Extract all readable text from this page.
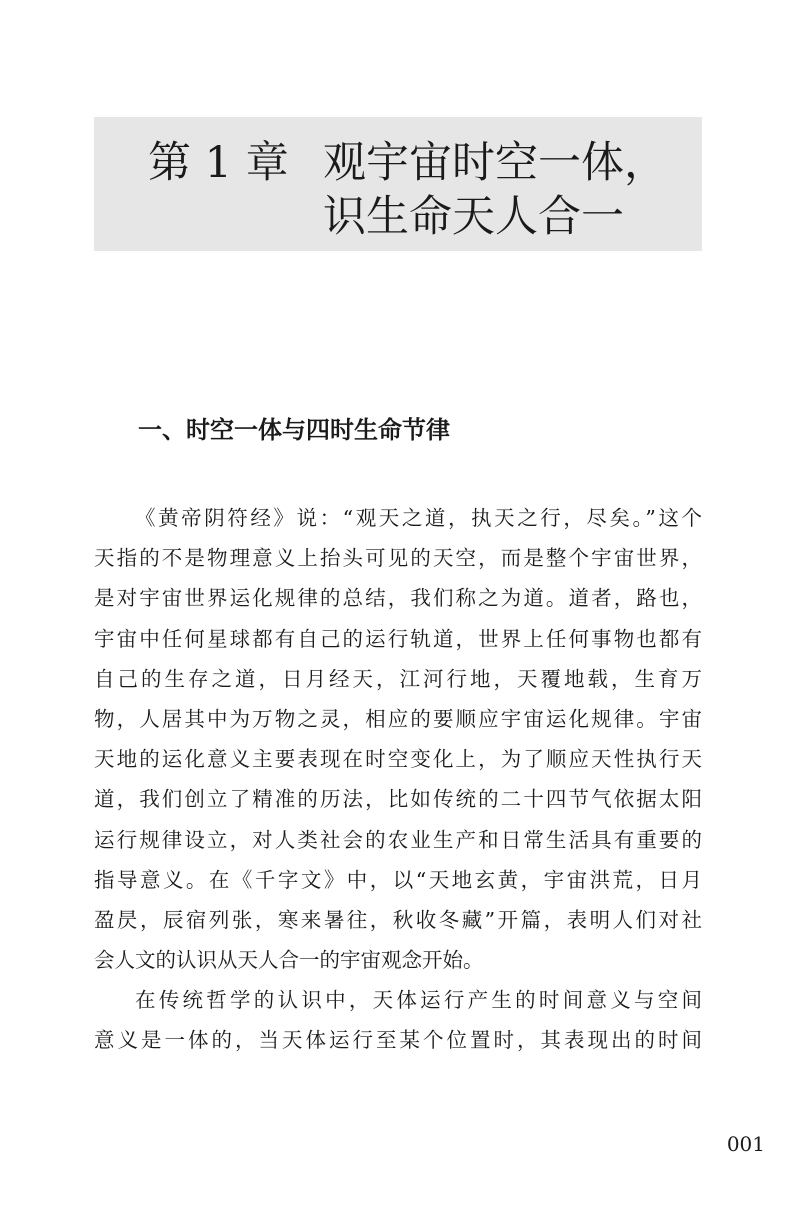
第 1 章 观宇宙时空一体，
识生命天人合一
一、时空一体与四时生命节律
《黄帝阴符经》说：“观天之道，执天之行，尽矣。”这个
天指的不是物理意义上抬头可见的天空，而是整个宇宙世界，
是对宇宙世界运化规律的总结，我们称之为道。道者，路也，
宇宙中任何星球都有自己的运行轨道，世界上任何事物也都有
自己的生存之道，日月经天，江河行地，天覆地载，生育万
物，人居其中为万物之灵，相应的要顺应宇宙运化规律。宇宙
天地的运化意义主要表现在时空变化上，为了顺应天性执行天
道，我们创立了精准的历法，比如传统的二十四节气依据太阳
运行规律设立，对人类社会的农业生产和日常生活具有重要的
指导意义。在《千字文》中，以“天地玄黄，宇宙洪荒，日月
盈昃，辰宿列张，寒来暑往，秋收冬藏”开篇，表明人们对社
会人文的认识从天人合一的宇宙观念开始。
在传统哲学的认识中，天体运行产生的时间意义与空间
意义是一体的，当天体运行至某个位置时，其表现出的时间
001
